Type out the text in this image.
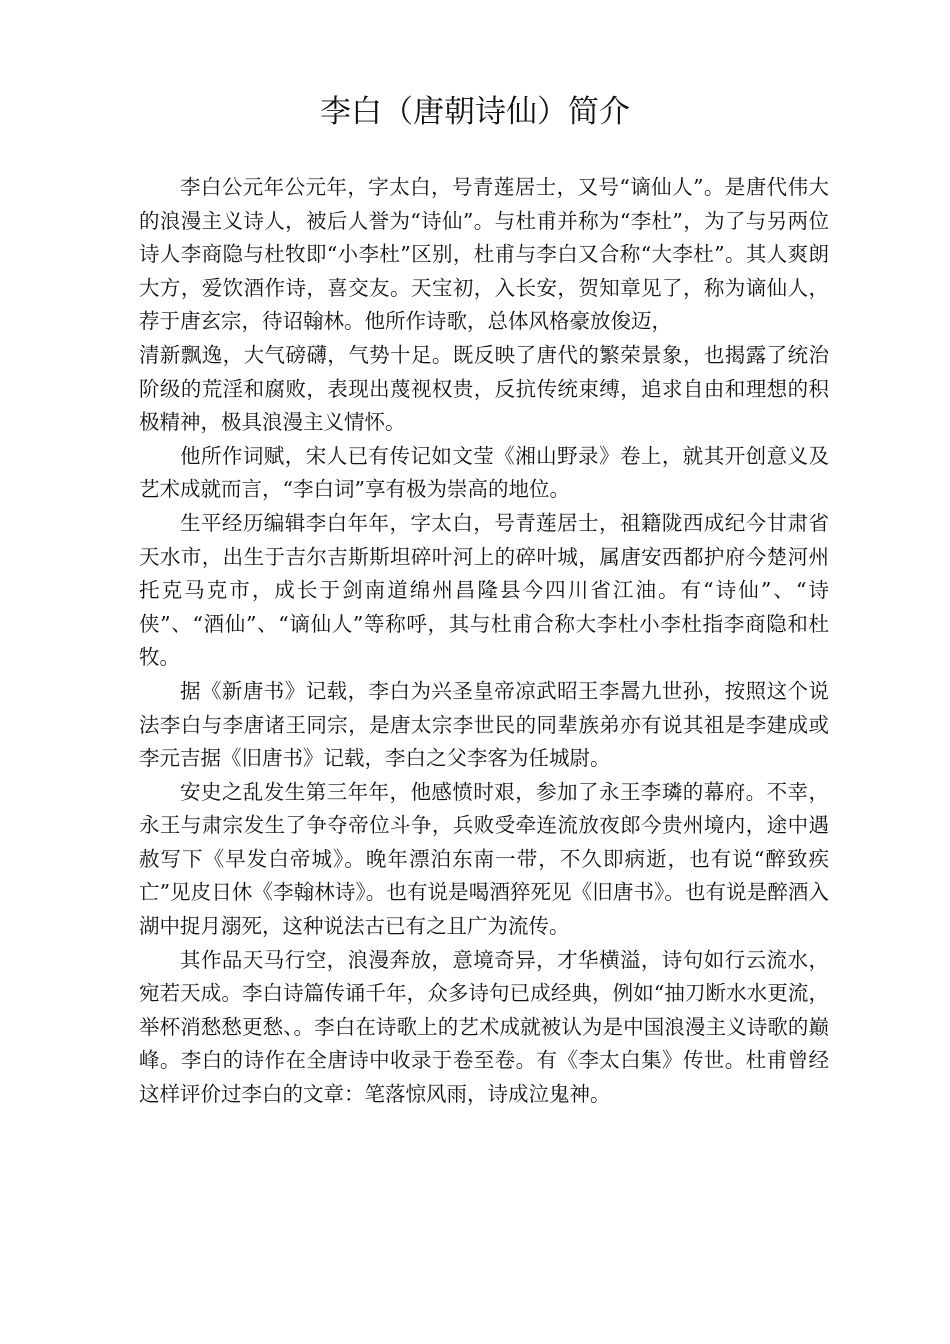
李白（唐朝诗仙）简介

李白公元年公元年，字太白，号青莲居士，又号“谪仙人”。是唐代伟大的浪漫主义诗人，被后人誉为“诗仙”。与杜甫并称为“李杜”，为了与另两位诗人李商隐与杜牧即“小李杜”区别，杜甫与李白又合称“大李杜”。其人爽朗大方，爱饮酒作诗，喜交友。天宝初，入长安，贺知章见了，称为谪仙人，荐于唐玄宗，待诏翰林。他所作诗歌，总体风格豪放俊迈，

清新飘逸，大气磅礴，气势十足。既反映了唐代的繁荣景象，也揭露了统治阶级的荒淫和腐败，表现出蔑视权贵，反抗传统束缚，追求自由和理想的积极精神，极具浪漫主义情怀。

他所作词赋，宋人已有传记如文莹《湘山野录》卷上，就其开创意义及艺术成就而言，“李白词”享有极为崇高的地位。

生平经历编辑李白年年，字太白，号青莲居士，祖籍陇西成纪今甘肃省天水市，出生于吉尔吉斯斯坦碎叶河上的碎叶城，属唐安西都护府今楚河州托克马克市，成长于剑南道绵州昌隆县今四川省江油。有“诗仙”、“诗侠”、“酒仙”、“谪仙人”等称呼，其与杜甫合称大李杜小李杜指李商隐和杜牧。

据《新唐书》记载，李白为兴圣皇帝凉武昭王李暠九世孙，按照这个说法李白与李唐诸王同宗，是唐太宗李世民的同辈族弟亦有说其祖是李建成或李元吉据《旧唐书》记载，李白之父李客为任城尉。

安史之乱发生第三年年，他感愤时艰，参加了永王李璘的幕府。不幸，永王与肃宗发生了争夺帝位斗争，兵败受牵连流放夜郎今贵州境内，途中遇赦写下《早发白帝城》。晚年漂泊东南一带，不久即病逝，也有说“醉致疾亡”见皮日休《李翰林诗》。也有说是喝酒猝死见《旧唐书》。也有说是醉酒入湖中捉月溺死，这种说法古已有之且广为流传。

其作品天马行空，浪漫奔放，意境奇异，才华横溢，诗句如行云流水，宛若天成。李白诗篇传诵千年，众多诗句已成经典，例如“抽刀断水水更流，举杯消愁愁更愁、。李白在诗歌上的艺术成就被认为是中国浪漫主义诗歌的巅峰。李白的诗作在全唐诗中收录于卷至卷。有《李太白集》传世。杜甫曾经这样评价过李白的文章：笔落惊风雨，诗成泣鬼神。
